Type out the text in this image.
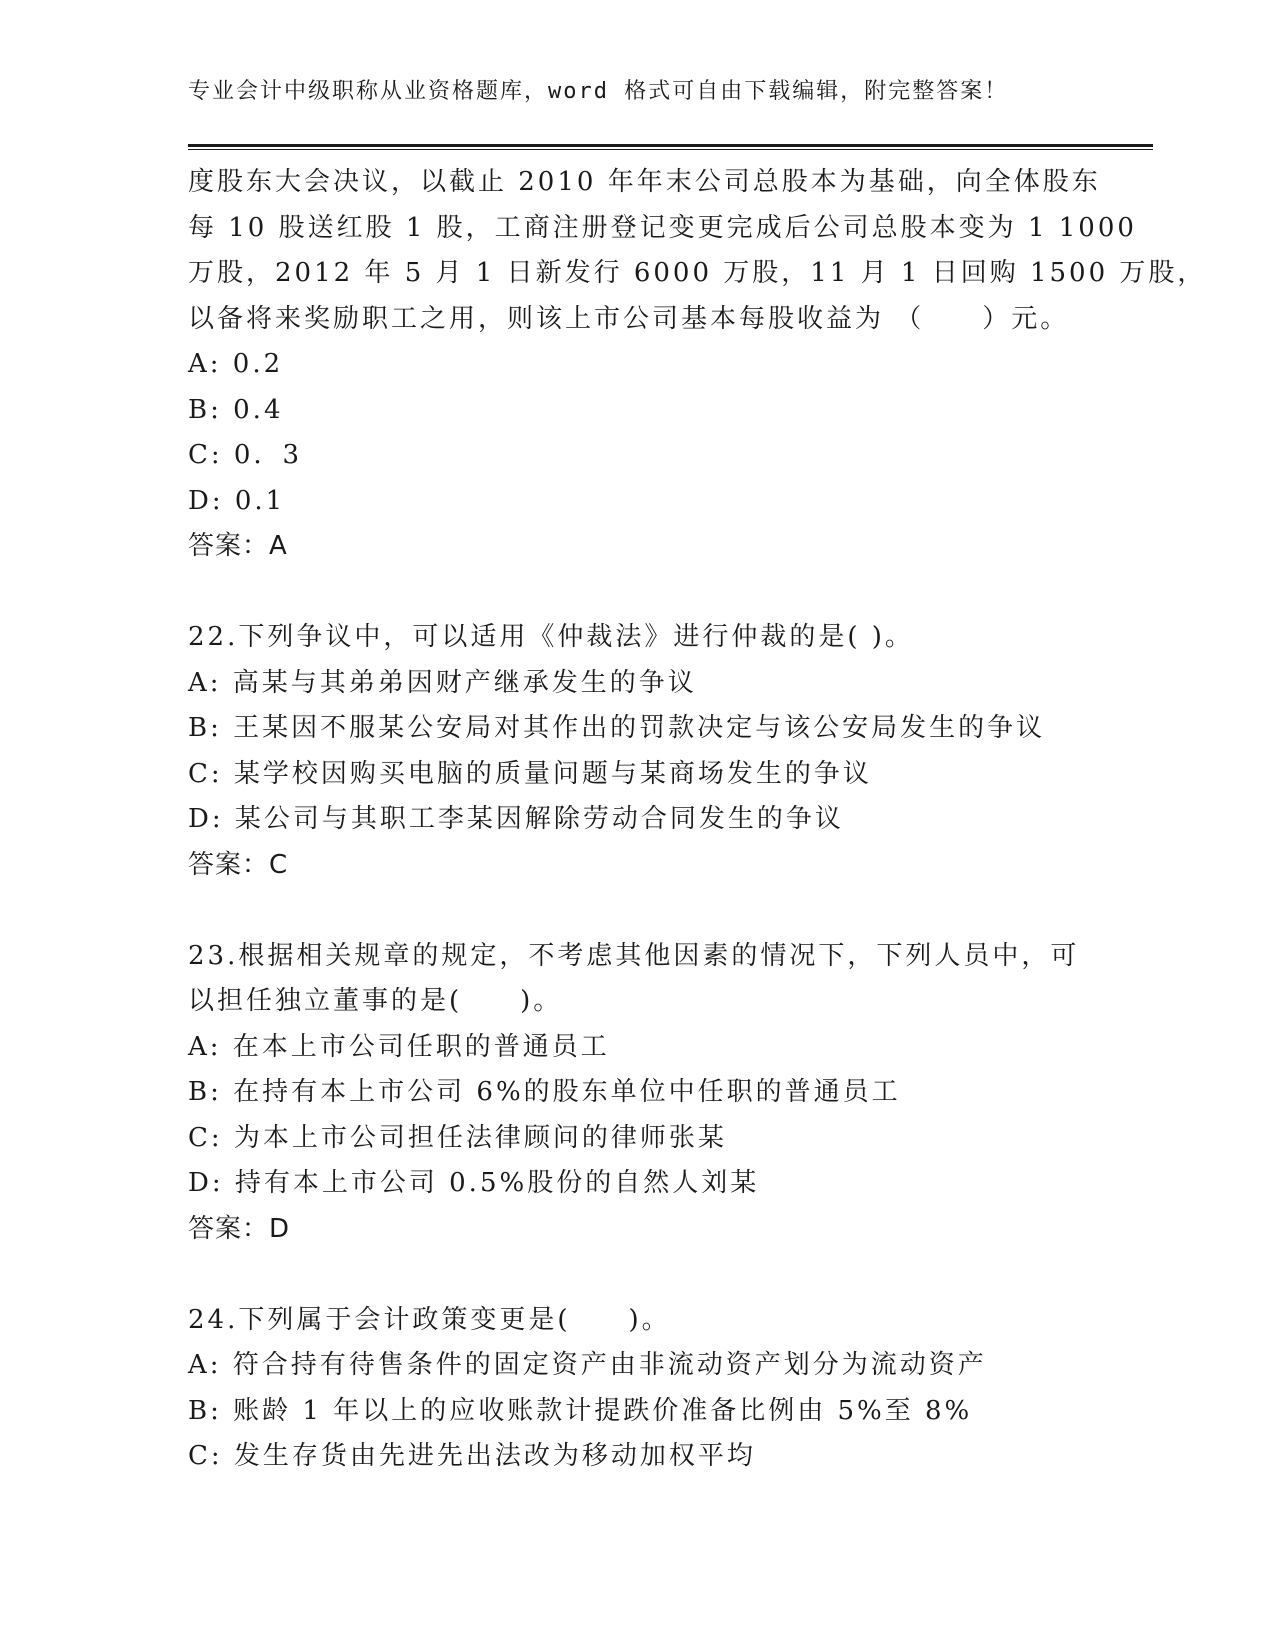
专业会计中级职称从业资格题库，word 格式可自由下载编辑，附完整答案！
度股东大会决议，以截止 2010 年年末公司总股本为基础，向全体股东
每 10 股送红股 1 股，工商注册登记变更完成后公司总股本变为 1 1000
万股，2012 年 5 月 1 日新发行 6000 万股，11 月 1 日回购 1500 万股，
以备将来奖励职工之用，则该上市公司基本每股收益为 （　　）元。
A: 0.2
B: 0.4
C: 0．3
D: 0.1
答案：A
22.下列争议中，可以适用《仲裁法》进行仲裁的是( )。
A: 高某与其弟弟因财产继承发生的争议
B: 王某因不服某公安局对其作出的罚款决定与该公安局发生的争议
C: 某学校因购买电脑的质量问题与某商场发生的争议
D: 某公司与其职工李某因解除劳动合同发生的争议
答案：C
23.根据相关规章的规定，不考虑其他因素的情况下，下列人员中，可
以担任独立董事的是(　　)。
A: 在本上市公司任职的普通员工
B: 在持有本上市公司 6%的股东单位中任职的普通员工
C: 为本上市公司担任法律顾问的律师张某
D: 持有本上市公司 0.5%股份的自然人刘某
答案：D
24.下列属于会计政策变更是(　　)。
A: 符合持有待售条件的固定资产由非流动资产划分为流动资产
B: 账龄 1 年以上的应收账款计提跌价准备比例由 5%至 8%
C: 发生存货由先进先出法改为移动加权平均
